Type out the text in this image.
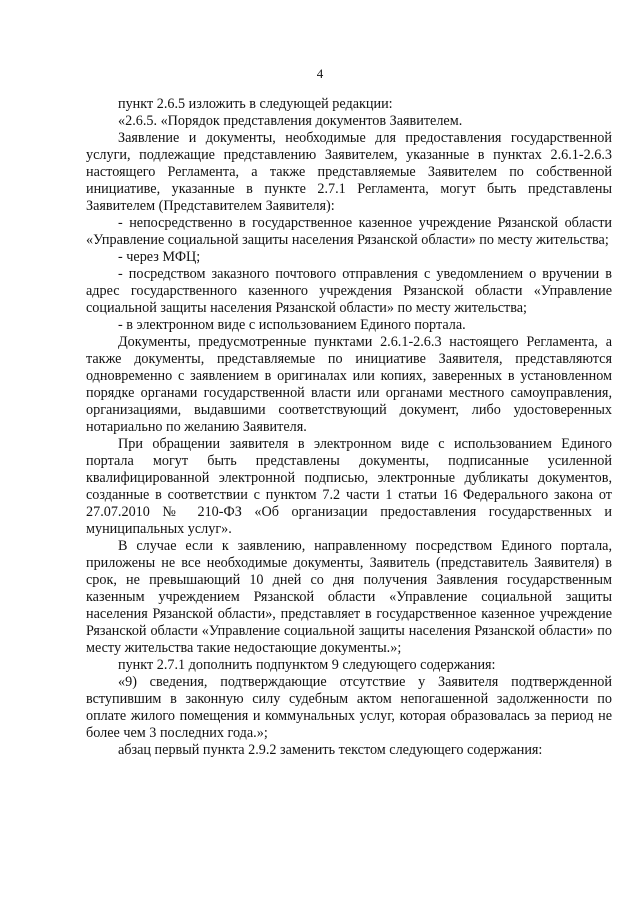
4

пункт 2.6.5 изложить в следующей редакции:

«2.6.5. «Порядок представления документов Заявителем.

Заявление и документы, необходимые для предоставления государственной услуги, подлежащие представлению Заявителем, указанные в пунктах 2.6.1-2.6.3 настоящего Регламента, а также представляемые Заявителем по собственной инициативе, указанные в пункте 2.7.1 Регламента, могут быть представлены Заявителем (Представителем Заявителя):

- непосредственно в государственное казенное учреждение Рязанской области «Управление социальной защиты населения Рязанской области» по месту жительства;

- через МФЦ;

- посредством заказного почтового отправления с уведомлением о вручении в адрес государственного казенного учреждения Рязанской области «Управление социальной защиты населения Рязанской области» по месту жительства;

- в электронном виде с использованием Единого портала.

Документы, предусмотренные пунктами 2.6.1-2.6.3 настоящего Регламента, а также документы, представляемые по инициативе Заявителя, представляются одновременно с заявлением в оригиналах или копиях, заверенных в установленном порядке органами государственной власти или органами местного самоуправления, организациями, выдавшими соответствующий документ, либо удостоверенных нотариально по желанию Заявителя.

При обращении заявителя в электронном виде с использованием Единого портала могут быть представлены документы, подписанные усиленной квалифицированной электронной подписью, электронные дубликаты документов, созданные в соответствии с пунктом 7.2 части 1 статьи 16 Федерального закона от 27.07.2010 № 210-ФЗ «Об организации предоставления государственных и муниципальных услуг».

В случае если к заявлению, направленному посредством Единого портала, приложены не все необходимые документы, Заявитель (представитель Заявителя) в срок, не превышающий 10 дней со дня получения Заявления государственным казенным учреждением Рязанской области «Управление социальной защиты населения Рязанской области», представляет в государственное казенное учреждение Рязанской области «Управление социальной защиты населения Рязанской области» по месту жительства такие недостающие документы.»;

пункт 2.7.1 дополнить подпунктом 9 следующего содержания:

«9) сведения, подтверждающие отсутствие у Заявителя подтвержденной вступившим в законную силу судебным актом непогашенной задолженности по оплате жилого помещения и коммунальных услуг, которая образовалась за период не более чем 3 последних года.»;

абзац первый пункта 2.9.2 заменить текстом следующего содержания:
